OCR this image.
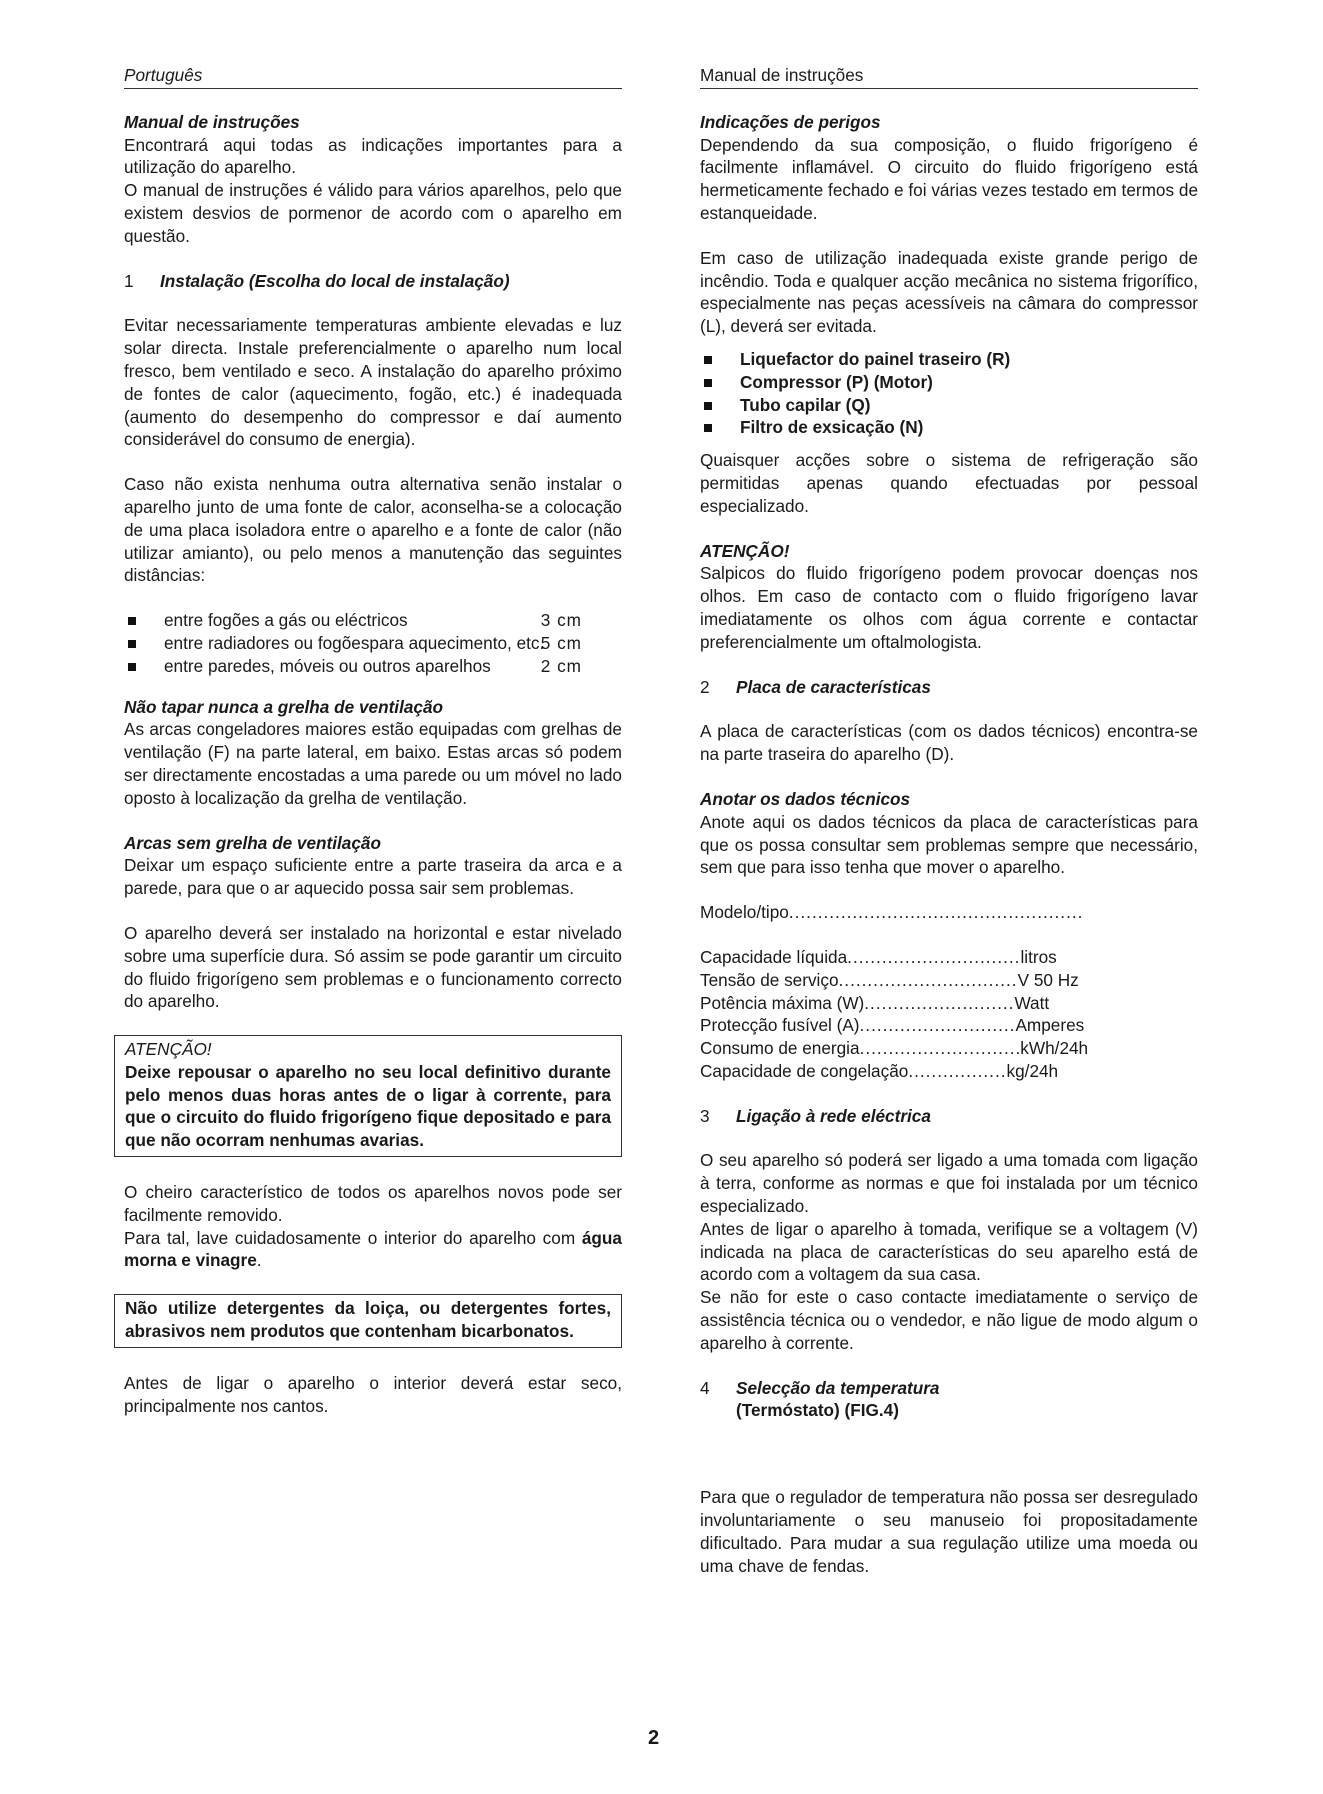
Português
Manual de instruções

Encontrará aqui todas as indicações importantes para a utilização do aparelho.

O manual de instruções é válido para vários aparelhos, pelo que existem desvios de pormenor de acordo com o aparelho em questão.

1 Instalação (Escolha do local de instalação)

Evitar necessariamente temperaturas ambiente elevadas e luz solar directa. Instale preferencialmente o aparelho num local fresco, bem ventilado e seco. A instalação do aparelho próximo de fontes de calor (aquecimento, fogão, etc.) é inadequada (aumento do desempenho do compressor e daí aumento considerável do consumo de energia).

Caso não exista nenhuma outra alternativa senão instalar o aparelho junto de uma fonte de calor, aconselha-se a colocação de uma placa isoladora entre o aparelho e a fonte de calor (não utilizar amianto), ou pelo menos a manutenção das seguintes distâncias:

entre fogões a gás ou eléctricos	3 cm
entre radiadores ou fogõespara aquecimento, etc.
5 cm
entre paredes, móveis ou outros aparelhos	2 cm
Não tapar nunca a grelha de ventilação

As arcas congeladores maiores estão equipadas com grelhas de ventilação (F) na parte lateral, em baixo. Estas arcas só podem ser directamente encostadas a uma parede ou um móvel no lado oposto à localização da grelha de ventilação.

Arcas sem grelha de ventilação

Deixar um espaço suficiente entre a parte traseira da arca e a parede, para que o ar aquecido possa sair sem problemas.

O aparelho deverá ser instalado na horizontal e estar nivelado sobre uma superfície dura. Só assim se pode garantir um circuito do fluido frigorígeno sem problemas e o funcionamento correcto do aparelho.

ATENÇÃO!
Deixe repousar o aparelho no seu local definitivo durante pelo menos duas horas antes de o ligar à corrente, para que o circuito do fluido frigorígeno fique depositado e para que não ocorram nenhumas avarias.

O cheiro característico de todos os aparelhos novos pode ser facilmente removido.

Para tal, lave cuidadosamente o interior do aparelho com água morna e vinagre.

Não utilize detergentes da loiça, ou detergentes fortes, abrasivos nem produtos que contenham bicarbonatos.

Antes de ligar o aparelho o interior deverá estar seco, principalmente nos cantos.

Manual de instruções
Indicações de perigos

Dependendo da sua composição, o fluido frigorígeno é facilmente inflamável. O circuito do fluido frigorígeno está hermeticamente fechado e foi várias vezes testado em termos de estanqueidade.

Em caso de utilização inadequada existe grande perigo de incêndio. Toda e qualquer acção mecânica no sistema frigorífico, especialmente nas peças acessíveis na câmara do compressor (L), deverá ser evitada.

Liquefactor do painel traseiro (R)
Compressor (P) (Motor)
Tubo capilar (Q)
Filtro de exsicação (N)

Quaisquer acções sobre o sistema de refrigeração são permitidas apenas quando efectuadas por pessoal especializado.

ATENÇÃO!

Salpicos do fluido frigorígeno podem provocar doenças nos olhos. Em caso de contacto com o fluido frigorígeno lavar imediatamente os olhos com água corrente e contactar preferencialmente um oftalmologista.

2 Placa de características

A placa de características (com os dados técnicos) encontra-se na parte traseira do aparelho (D).

Anotar os dados técnicos

Anote aqui os dados técnicos da placa de características para que os possa consultar sem problemas sempre que necessário, sem que para isso tenha que mover o aparelho.

Modelo/tipo ...................................................
Capacidade líquida .............................. litros
Tensão de serviço ............................... V 50 Hz
Potência máxima (W) .......................... Watt
Protecção fusível (A) ........................... Amperes
Consumo de energia ........................... .kWh/24h
Capacidade de congelação ................. kg/24h
3 Ligação à rede eléctrica

O seu aparelho só poderá ser ligado a uma tomada com ligação à terra, conforme as normas e que foi instalada por um técnico especializado.

Antes de ligar o aparelho à tomada, verifique se a voltagem (V) indicada na placa de características do seu aparelho está de acordo com a voltagem da sua casa.

Se não for este o caso contacte imediatamente o serviço de assistência técnica ou o vendedor, e não ligue de modo algum o aparelho à corrente.

4 Selecção da temperatura
(Termóstato) (FIG.4)

Para que o regulador de temperatura não possa ser desregulado involuntariamente o seu manuseio foi propositadamente dificultado. Para mudar a sua regulação utilize uma moeda ou uma chave de fendas.

2
